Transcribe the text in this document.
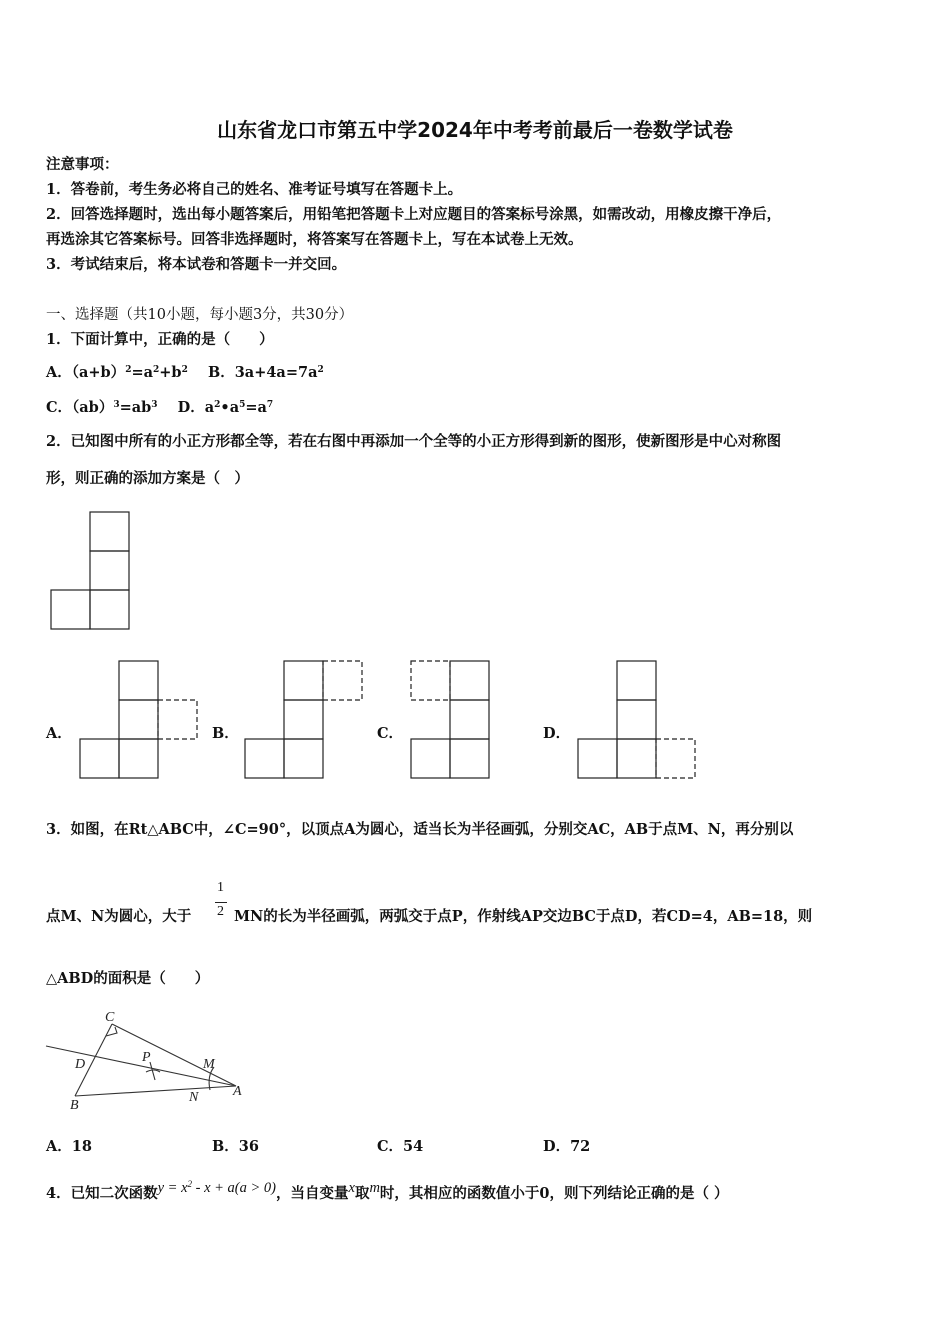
山东省龙口市第五中学2024年中考考前最后一卷数学试卷
注意事项：
1．答卷前，考生务必将自己的姓名、准考证号填写在答题卡上。
2．回答选择题时，选出每小题答案后，用铅笔把答题卡上对应题目的答案标号涂黑，如需改动，用橡皮擦干净后，
再选涂其它答案标号。回答非选择题时，将答案写在答题卡上，写在本试卷上无效。
3．考试结束后，将本试卷和答题卡一并交回。
一、选择题（共10小题，每小题3分，共30分）
1．下面计算中，正确的是（　　）
A．$(a+b)^2=a^2+b^2$ B．$3a+4a=7a^2$
C．$(ab)^3=ab^3$ D．$a^2•a^5=a^7$
2．已知图中所有的小正方形都全等，若在右图中再添加一个全等的小正方形得到新的图形，使新图形是中心对称图
形，则正确的添加方案是（　）
A．	B．	C．	D．
3．如图，在Rt△ABC中，∠C=90°，以顶点A为圆心，适当长为半径画弧，分别交AC，AB于点M、N，再分别以
点M、N为圆心，大于
1
2 MN的长为半径画弧，两弧交于点P，作射线AP交边BC于点D，若CD=4，AB=18，则
△ABD的面积是（　　）
C
D	P	M
N A
B
A．18	B．36	C．54	D．72
4．已知二次函数$y = x^2 - x + a(a > 0)$，当自变量x取m时，其相应的函数值小于0，则下列结论正确的是（ ）
